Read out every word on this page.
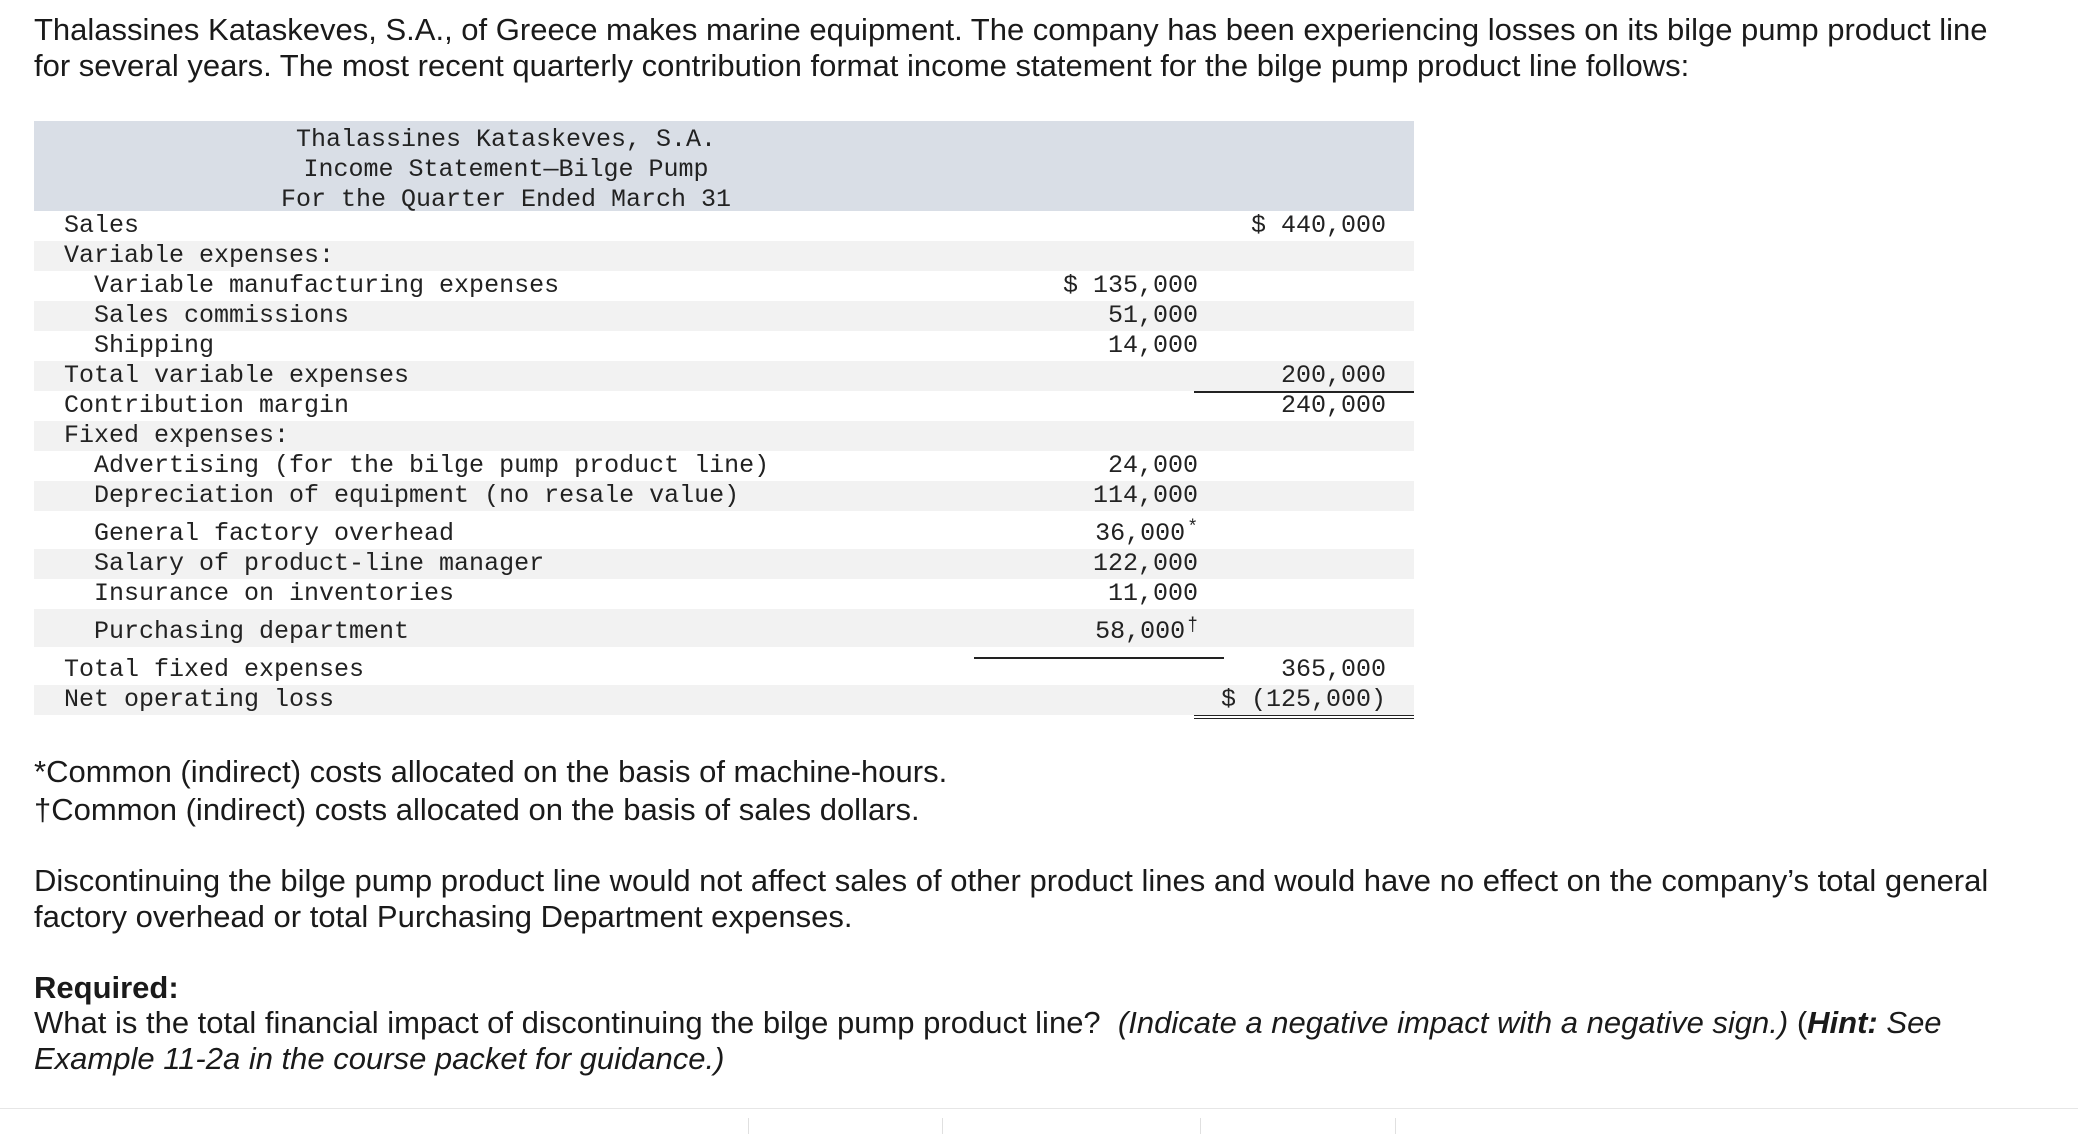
Thalassines Kataskeves, S.A., of Greece makes marine equipment. The company has been experiencing losses on its bilge pump product line for several years. The most recent quarterly contribution format income statement for the bilge pump product line follows:
Thalassines Kataskeves, S.A.
Income Statement—Bilge Pump
For the Quarter Ended March 31
Sales	$ 440,000
Variable expenses:
Variable manufacturing expenses	$ 135,000
Sales commissions	51,000
Shipping	14,000
Total variable expenses	200,000
Contribution margin	240,000
Fixed expenses:
Advertising (for the bilge pump product line)	24,000
Depreciation of equipment (no resale value)	114,000
General factory overhead	36,000 *
Salary of product-line manager	122,000
Insurance on inventories	11,000
Purchasing department	58,000 †
Total fixed expenses	365,000
Net operating loss	$ (125,000)
*Common (indirect) costs allocated on the basis of machine-hours.
†Common (indirect) costs allocated on the basis of sales dollars.
Discontinuing the bilge pump product line would not affect sales of other product lines and would have no effect on the company’s total general factory overhead or total Purchasing Department expenses.
Required:
What is the total financial impact of discontinuing the bilge pump product line? (Indicate a negative impact with a negative sign.) (Hint: See Example 11-2a in the course packet for guidance.)
